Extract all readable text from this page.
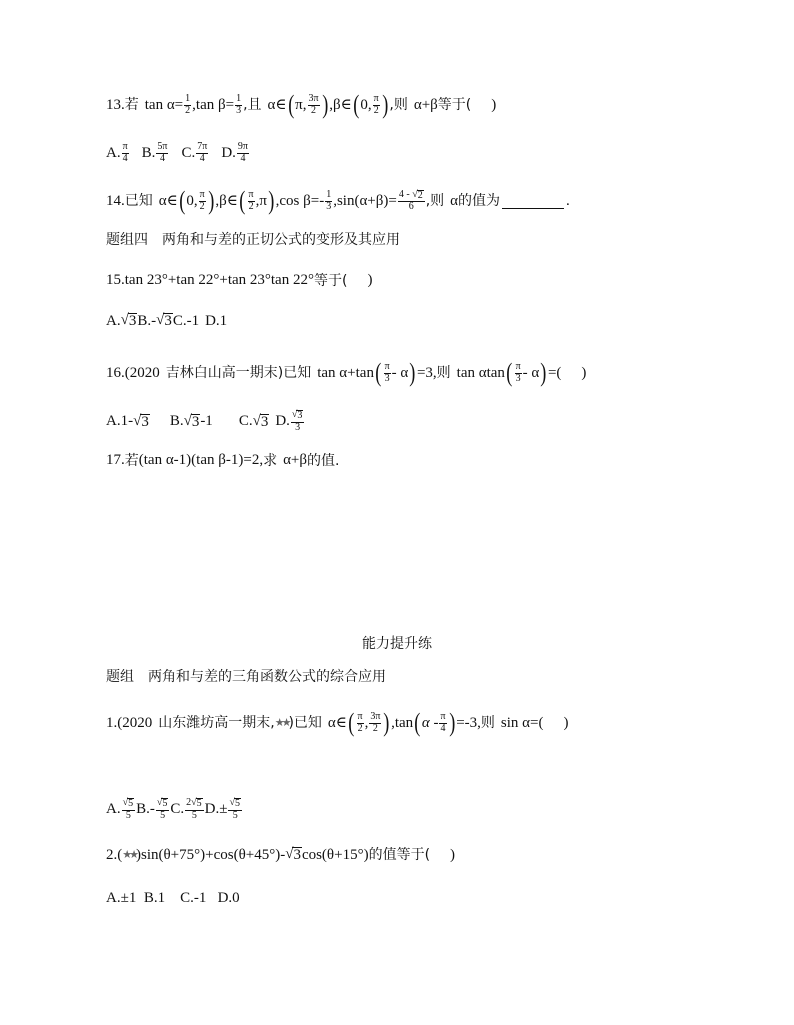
13. 若 $\tan \alpha= \frac{1}{2} ,\tan$ $\beta= \frac{1}{3}$ ,且 α∈ ( π, $\frac{3\pi}{2}$ ) ,β∈ ( 0, $\frac{\pi}{2}$ ) ,则 α+β 等于( )
A. $\frac{\pi}{4} B$. $\frac{5\pi}{4} C$. $\frac{7\pi}{4} D$. $\frac{9\pi}{4}$
14. 已知 α∈ ( 0, $\frac{\pi}{2}$ ) ,β∈ ( $\frac{\pi}{2} ,\pi$ ) ,cos $\beta=- \frac{1}{3} ,\sin(\alpha+\beta)= \frac{4 - √ 2}{6}$ ,则 α 的值为	.
题组四　两角和与差的正切公式的变形及其应用
15.tan 23°+tan 22°+tan 23°tan 22° 等于( )
A. √ 3 B.- √ 3 C.-1 D.1
16.(2020 吉林白山高一期末 )已知 tan α+tan ( $\frac{\pi}{3}$ - α ) =3, 则 tan αtan ( $\frac{\pi}{3}$ - α ) =( )
A.1- √ 3 B. √ 3 -1 C. √ 3 D. $\frac{√ 3}{3}$
17. 若 (tan α-1)(tan β-1)=2, 求 α+β 的值.
能力提升练
题组　两角和与差的三角函数公式的综合应用
1.(2020 山东潍坊高一期末, ★★ )已知 α∈ ( $\frac{\pi}{2}$ , $\frac{3\pi}{2}$ ) ,tan ( α - $\frac{\pi}{4}$ ) =-3, 则 sin α=( )
A. $\frac{√ 5}{5} B.- \frac{√ 5}{5} C$. $\frac{2 √ 5}{5} D.\pm \frac{√ 5}{5}$
2.( ★★ )sin(θ+75°)+cos(θ+45°)- √ 3 cos(θ+15°) 的值等于( )
A.±1  B.1    C.-1   D.0
